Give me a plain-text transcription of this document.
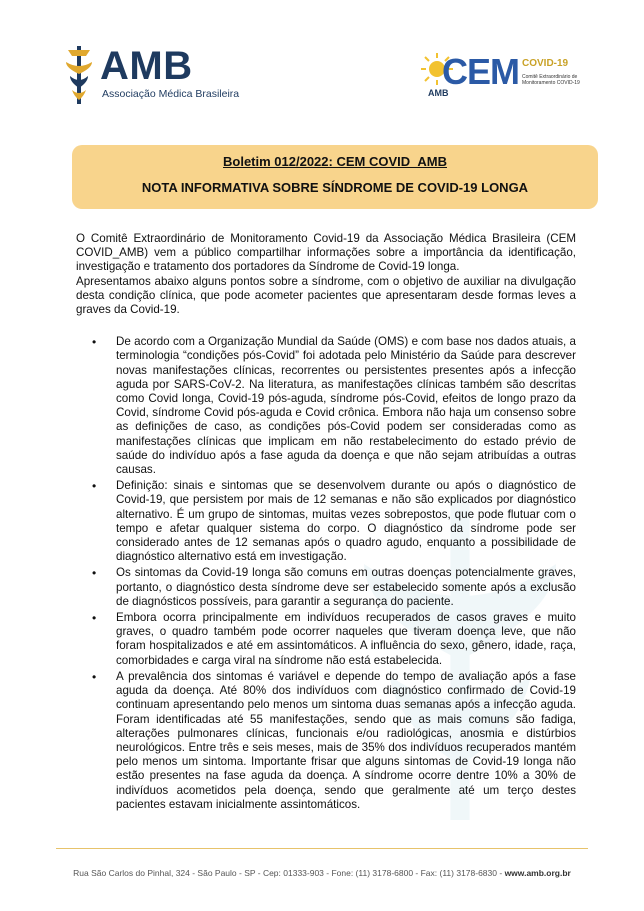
AMB
Associação Médica Brasileira
CEM COVID-19
Comitê Extraordinário de Monitoramento COVID-19
AMB
Boletim 012/2022: CEM COVID_AMB
NOTA INFORMATIVA SOBRE SÍNDROME DE COVID-19 LONGA

O Comitê Extraordinário de Monitoramento Covid-19 da Associação Médica Brasileira (CEM COVID_AMB) vem a público compartilhar informações sobre a importância da identificação, investigação e tratamento dos portadores da Síndrome de Covid-19 longa.

Apresentamos abaixo alguns pontos sobre a síndrome, com o objetivo de auxiliar na divulgação desta condição clínica, que pode acometer pacientes que apresentaram desde formas leves a graves da Covid-19.

• De acordo com a Organização Mundial da Saúde (OMS) e com base nos dados atuais, a terminologia “condições pós-Covid” foi adotada pelo Ministério da Saúde para descrever novas manifestações clínicas, recorrentes ou persistentes presentes após a infecção aguda por SARS-CoV-2. Na literatura, as manifestações clínicas também são descritas como Covid longa, Covid-19 pós-aguda, síndrome pós-Covid, efeitos de longo prazo da Covid, síndrome Covid pós-aguda e Covid crônica. Embora não haja um consenso sobre as definições de caso, as condições pós-Covid podem ser consideradas como as manifestações clínicas que implicam em não restabelecimento do estado prévio de saúde do indivíduo após a fase aguda da doença e que não sejam atribuídas a outras causas.
• Definição: sinais e sintomas que se desenvolvem durante ou após o diagnóstico de Covid-19, que persistem por mais de 12 semanas e não são explicados por diagnóstico alternativo. É um grupo de sintomas, muitas vezes sobrepostos, que pode flutuar com o tempo e afetar qualquer sistema do corpo. O diagnóstico da síndrome pode ser considerado antes de 12 semanas após o quadro agudo, enquanto a possibilidade de diagnóstico alternativo está em investigação.
• Os sintomas da Covid-19 longa são comuns em outras doenças potencialmente graves, portanto, o diagnóstico desta síndrome deve ser estabelecido somente após a exclusão de diagnósticos possíveis, para garantir a segurança do paciente.
• Embora ocorra principalmente em indivíduos recuperados de casos graves e muito graves, o quadro também pode ocorrer naqueles que tiveram doença leve, que não foram hospitalizados e até em assintomáticos. A influência do sexo, gênero, idade, raça, comorbidades e carga viral na síndrome não está estabelecida.
• A prevalência dos sintomas é variável e depende do tempo de avaliação após a fase aguda da doença. Até 80% dos indivíduos com diagnóstico confirmado de Covid-19 continuam apresentando pelo menos um sintoma duas semanas após a infecção aguda. Foram identificadas até 55 manifestações, sendo que as mais comuns são fadiga, alterações pulmonares clínicas, funcionais e/ou radiológicas, anosmia e distúrbios neurológicos. Entre três e seis meses, mais de 35% dos indivíduos recuperados mantém pelo menos um sintoma. Importante frisar que alguns sintomas de Covid-19 longa não estão presentes na fase aguda da doença. A síndrome ocorre dentre 10% a 30% de indivíduos acometidos pela doença, sendo que geralmente até um terço destes pacientes estavam inicialmente assintomáticos.
Rua São Carlos do Pinhal, 324 - São Paulo - SP - Cep: 01333-903 - Fone: (11) 3178-6800 - Fax: (11) 3178-6830 - www.amb.org.br
